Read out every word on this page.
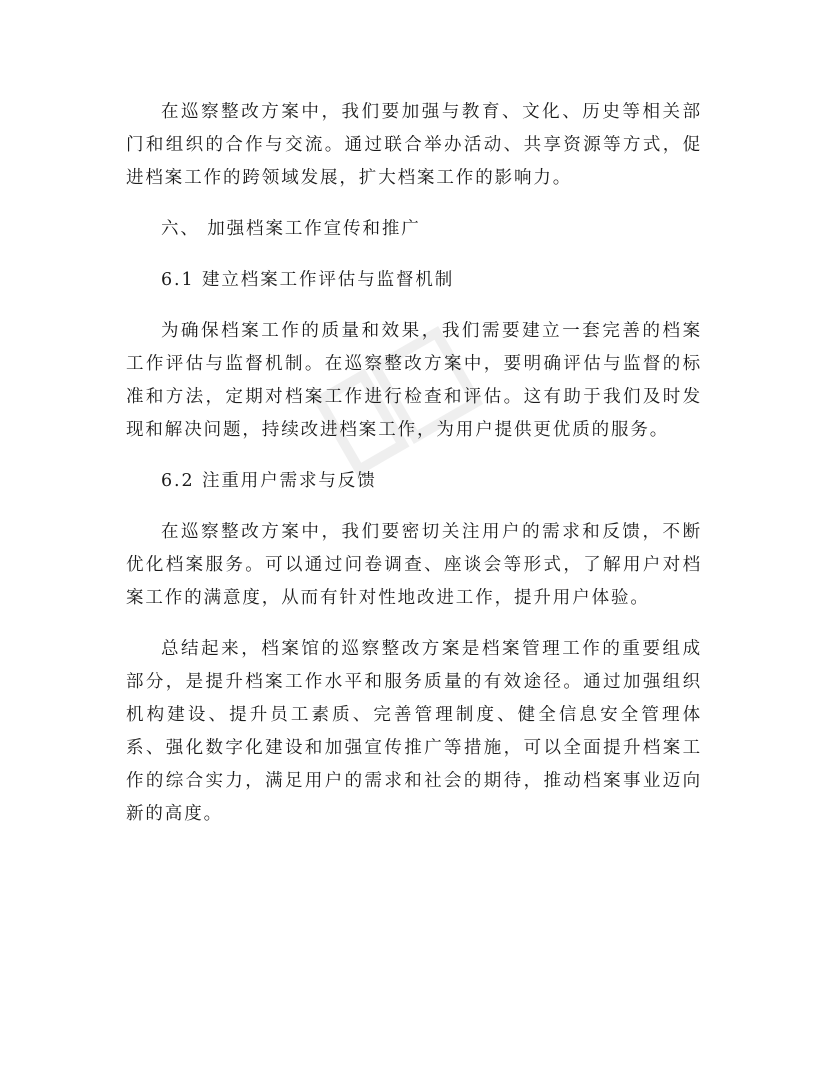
在巡察整改方案中，我们要加强与教育、文化、历史等相关部门和组织的合作与交流。通过联合举办活动、共享资源等方式，促进档案工作的跨领域发展，扩大档案工作的影响力。

六、 加强档案工作宣传和推广

6.1 建立档案工作评估与监督机制

为确保档案工作的质量和效果，我们需要建立一套完善的档案工作评估与监督机制。在巡察整改方案中，要明确评估与监督的标准和方法，定期对档案工作进行检查和评估。这有助于我们及时发现和解决问题，持续改进档案工作，为用户提供更优质的服务。

6.2 注重用户需求与反馈

在巡察整改方案中，我们要密切关注用户的需求和反馈，不断优化档案服务。可以通过问卷调查、座谈会等形式，了解用户对档案工作的满意度，从而有针对性地改进工作，提升用户体验。

总结起来，档案馆的巡察整改方案是档案管理工作的重要组成部分，是提升档案工作水平和服务质量的有效途径。通过加强组织机构建设、提升员工素质、完善管理制度、健全信息安全管理体系、强化数字化建设和加强宣传推广等措施，可以全面提升档案工作的综合实力，满足用户的需求和社会的期待，推动档案事业迈向新的高度。
